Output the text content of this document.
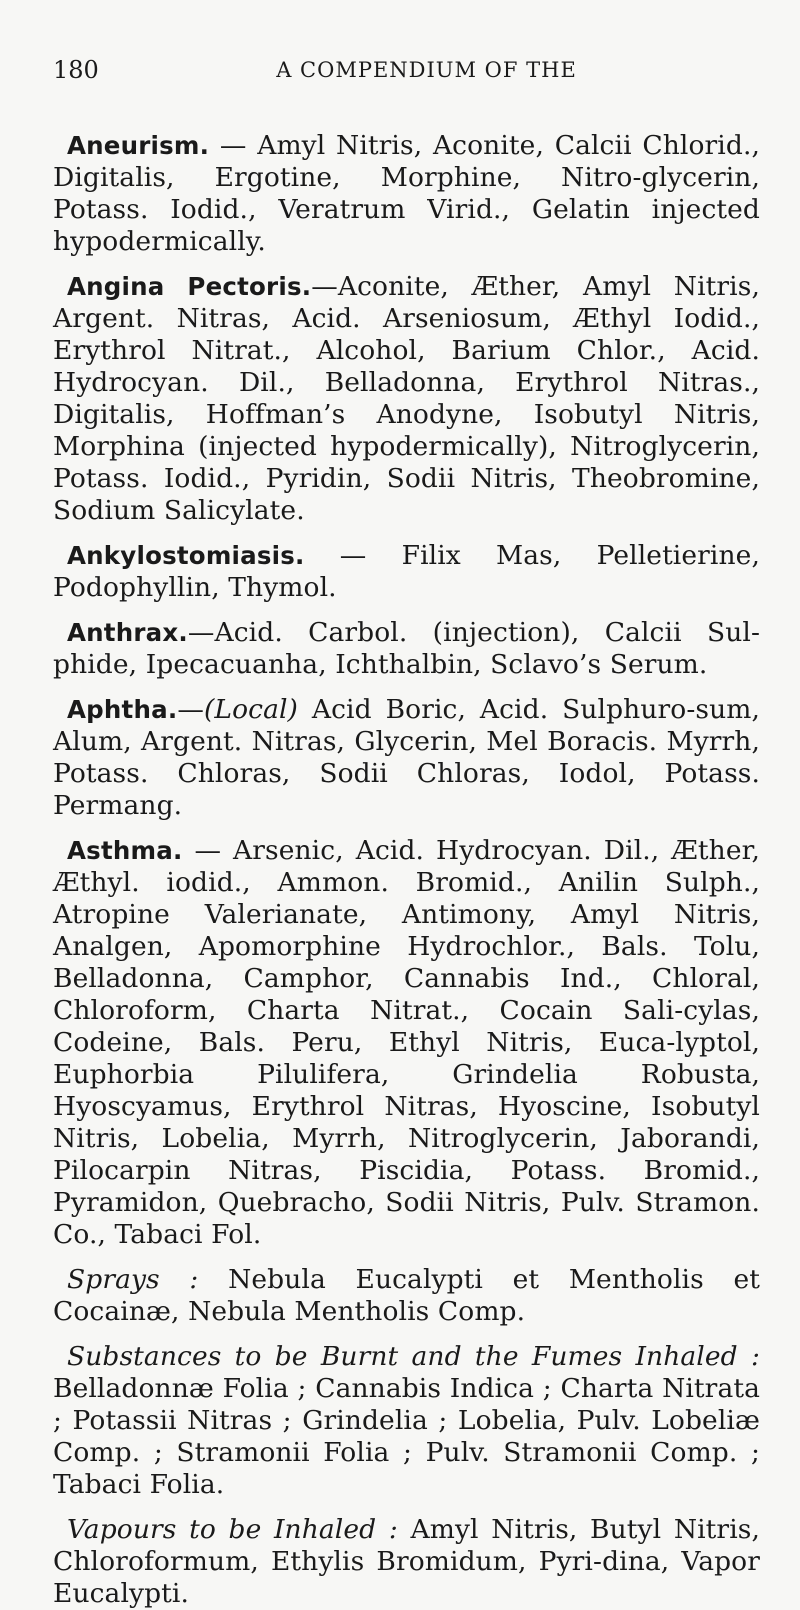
180	A COMPENDIUM OF THE

Aneurism. — Amyl Nitris, Aconite, Calcii Chlorid., Digitalis, Ergotine, Morphine, Nitro-glycerin, Potass. Iodid., Veratrum Virid., Gelatin injected hypodermically.

Angina Pectoris.—Aconite, Æther, Amyl Nitris, Argent. Nitras, Acid. Arseniosum, Æthyl Iodid., Erythrol Nitrat., Alcohol, Barium Chlor., Acid. Hydrocyan. Dil., Belladonna, Erythrol Nitras., Digitalis, Hoffman’s Anodyne, Isobutyl Nitris, Morphina (injected hypodermically), Nitroglycerin, Potass. Iodid., Pyridin, Sodii Nitris, Theobromine, Sodium Salicylate.

Ankylostomiasis. — Filix Mas, Pelletierine, Podophyllin, Thymol.

Anthrax.—Acid. Carbol. (injection), Calcii Sul-phide, Ipecacuanha, Ichthalbin, Sclavo’s Serum.

Aphtha.—(Local) Acid Boric, Acid. Sulphuro-sum, Alum, Argent. Nitras, Glycerin, Mel Boracis. Myrrh, Potass. Chloras, Sodii Chloras, Iodol, Potass. Permang.

Asthma. — Arsenic, Acid. Hydrocyan. Dil., Æther, Æthyl. iodid., Ammon. Bromid., Anilin Sulph., Atropine Valerianate, Antimony, Amyl Nitris, Analgen, Apomorphine Hydrochlor., Bals. Tolu, Belladonna, Camphor, Cannabis Ind., Chloral, Chloroform, Charta Nitrat., Cocain Sali-cylas, Codeine, Bals. Peru, Ethyl Nitris, Euca-lyptol, Euphorbia Pilulifera, Grindelia Robusta, Hyoscyamus, Erythrol Nitras, Hyoscine, Isobutyl Nitris, Lobelia, Myrrh, Nitroglycerin, Jaborandi, Pilocarpin Nitras, Piscidia, Potass. Bromid., Pyramidon, Quebracho, Sodii Nitris, Pulv. Stramon. Co., Tabaci Fol.

Sprays : Nebula Eucalypti et Mentholis et Cocainæ, Nebula Mentholis Comp.

Substances to be Burnt and the Fumes Inhaled : Belladonnæ Folia ; Cannabis Indica ; Charta Nitrata ; Potassii Nitras ; Grindelia ; Lobelia, Pulv. Lobeliæ Comp. ; Stramonii Folia ; Pulv. Stramonii Comp. ; Tabaci Folia.

Vapours to be Inhaled : Amyl Nitris, Butyl Nitris, Chloroformum, Ethylis Bromidum, Pyri-dina, Vapor Eucalypti.
